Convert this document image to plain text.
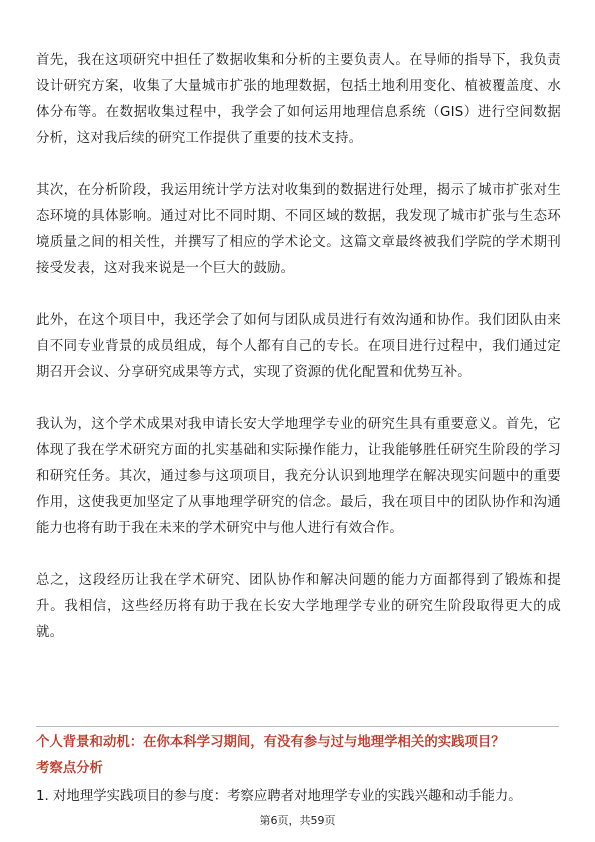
首先，我在这项研究中担任了数据收集和分析的主要负责人。在导师的指导下，我负责设计研究方案，收集了大量城市扩张的地理数据，包括土地利用变化、植被覆盖度、水体分布等。在数据收集过程中，我学会了如何运用地理信息系统（GIS）进行空间数据分析，这对我后续的研究工作提供了重要的技术支持。

其次，在分析阶段，我运用统计学方法对收集到的数据进行处理，揭示了城市扩张对生态环境的具体影响。通过对比不同时期、不同区域的数据，我发现了城市扩张与生态环境质量之间的相关性，并撰写了相应的学术论文。这篇文章最终被我们学院的学术期刊接受发表，这对我来说是一个巨大的鼓励。

此外，在这个项目中，我还学会了如何与团队成员进行有效沟通和协作。我们团队由来自不同专业背景的成员组成，每个人都有自己的专长。在项目进行过程中，我们通过定期召开会议、分享研究成果等方式，实现了资源的优化配置和优势互补。

我认为，这个学术成果对我申请长安大学地理学专业的研究生具有重要意义。首先，它体现了我在学术研究方面的扎实基础和实际操作能力，让我能够胜任研究生阶段的学习和研究任务。其次，通过参与这项项目，我充分认识到地理学在解决现实问题中的重要作用，这使我更加坚定了从事地理学研究的信念。最后，我在项目中的团队协作和沟通能力也将有助于我在未来的学术研究中与他人进行有效合作。

总之，这段经历让我在学术研究、团队协作和解决问题的能力方面都得到了锻炼和提升。我相信，这些经历将有助于我在长安大学地理学专业的研究生阶段取得更大的成就。

个人背景和动机：在你本科学习期间，有没有参与过与地理学相关的实践项目？
考察点分析
1. 对地理学实践项目的参与度：考察应聘者对地理学专业的实践兴趣和动手能力。
第6页，共59页
